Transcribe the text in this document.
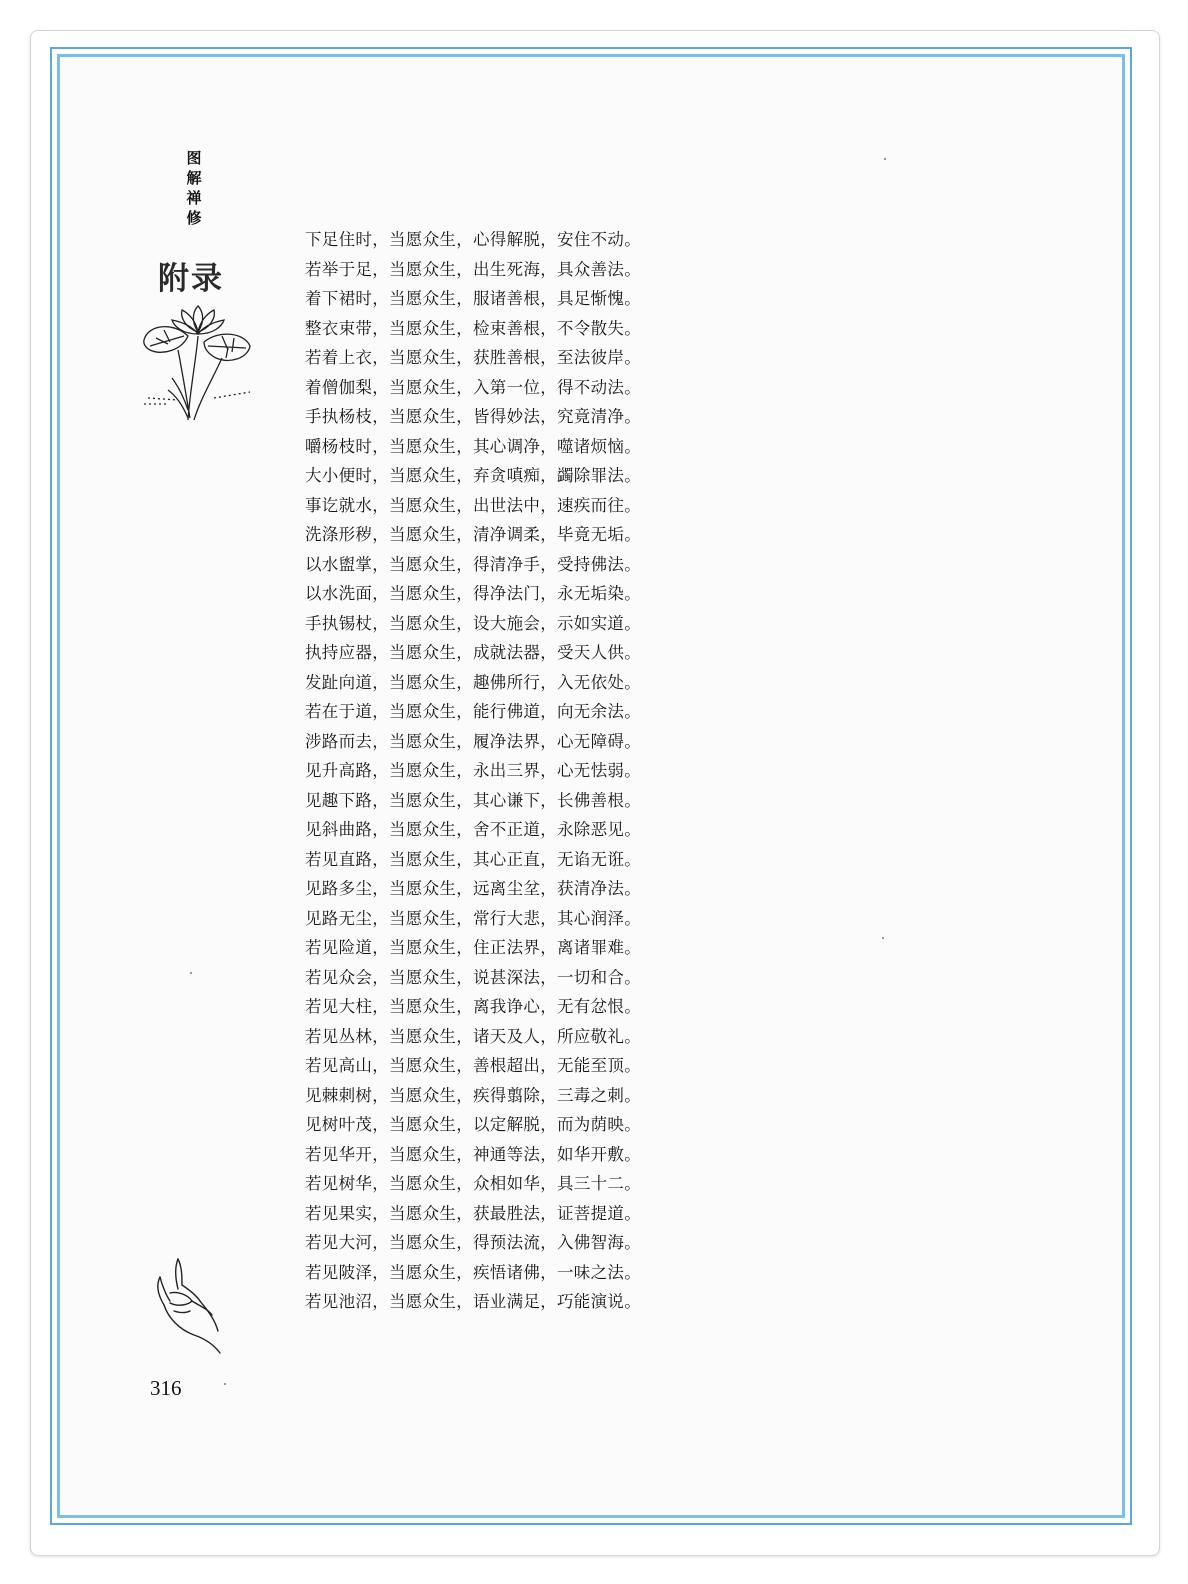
图
解
禅
修
附录
下足住时，当愿众生，心得解脱，安住不动。
若举于足，当愿众生，出生死海，具众善法。
着下裙时，当愿众生，服诸善根，具足惭愧。
整衣束带，当愿众生，检束善根，不令散失。
若着上衣，当愿众生，获胜善根，至法彼岸。
着僧伽梨，当愿众生，入第一位，得不动法。
手执杨枝，当愿众生，皆得妙法，究竟清净。
嚼杨枝时，当愿众生，其心调净，噬诸烦恼。
大小便时，当愿众生，弃贪嗔痴，蠲除罪法。
事讫就水，当愿众生，出世法中，速疾而往。
洗涤形秽，当愿众生，清净调柔，毕竟无垢。
以水盥掌，当愿众生，得清净手，受持佛法。
以水洗面，当愿众生，得净法门，永无垢染。
手执锡杖，当愿众生，设大施会，示如实道。
执持应器，当愿众生，成就法器，受天人供。
发趾向道，当愿众生，趣佛所行，入无依处。
若在于道，当愿众生，能行佛道，向无余法。
涉路而去，当愿众生，履净法界，心无障碍。
见升高路，当愿众生，永出三界，心无怯弱。
见趣下路，当愿众生，其心谦下，长佛善根。
见斜曲路，当愿众生，舍不正道，永除恶见。
若见直路，当愿众生，其心正直，无谄无诳。
见路多尘，当愿众生，远离尘坌，获清净法。
见路无尘，当愿众生，常行大悲，其心润泽。
若见险道，当愿众生，住正法界，离诸罪难。
若见众会，当愿众生，说甚深法，一切和合。
若见大柱，当愿众生，离我诤心，无有忿恨。
若见丛林，当愿众生，诸天及人，所应敬礼。
若见高山，当愿众生，善根超出，无能至顶。
见棘刺树，当愿众生，疾得翦除，三毒之刺。
见树叶茂，当愿众生，以定解脱，而为荫映。
若见华开，当愿众生，神通等法，如华开敷。
若见树华，当愿众生，众相如华，具三十二。
若见果实，当愿众生，获最胜法，证菩提道。
若见大河，当愿众生，得预法流，入佛智海。
若见陂泽，当愿众生，疾悟诸佛，一味之法。
若见池沼，当愿众生，语业满足，巧能演说。
316
